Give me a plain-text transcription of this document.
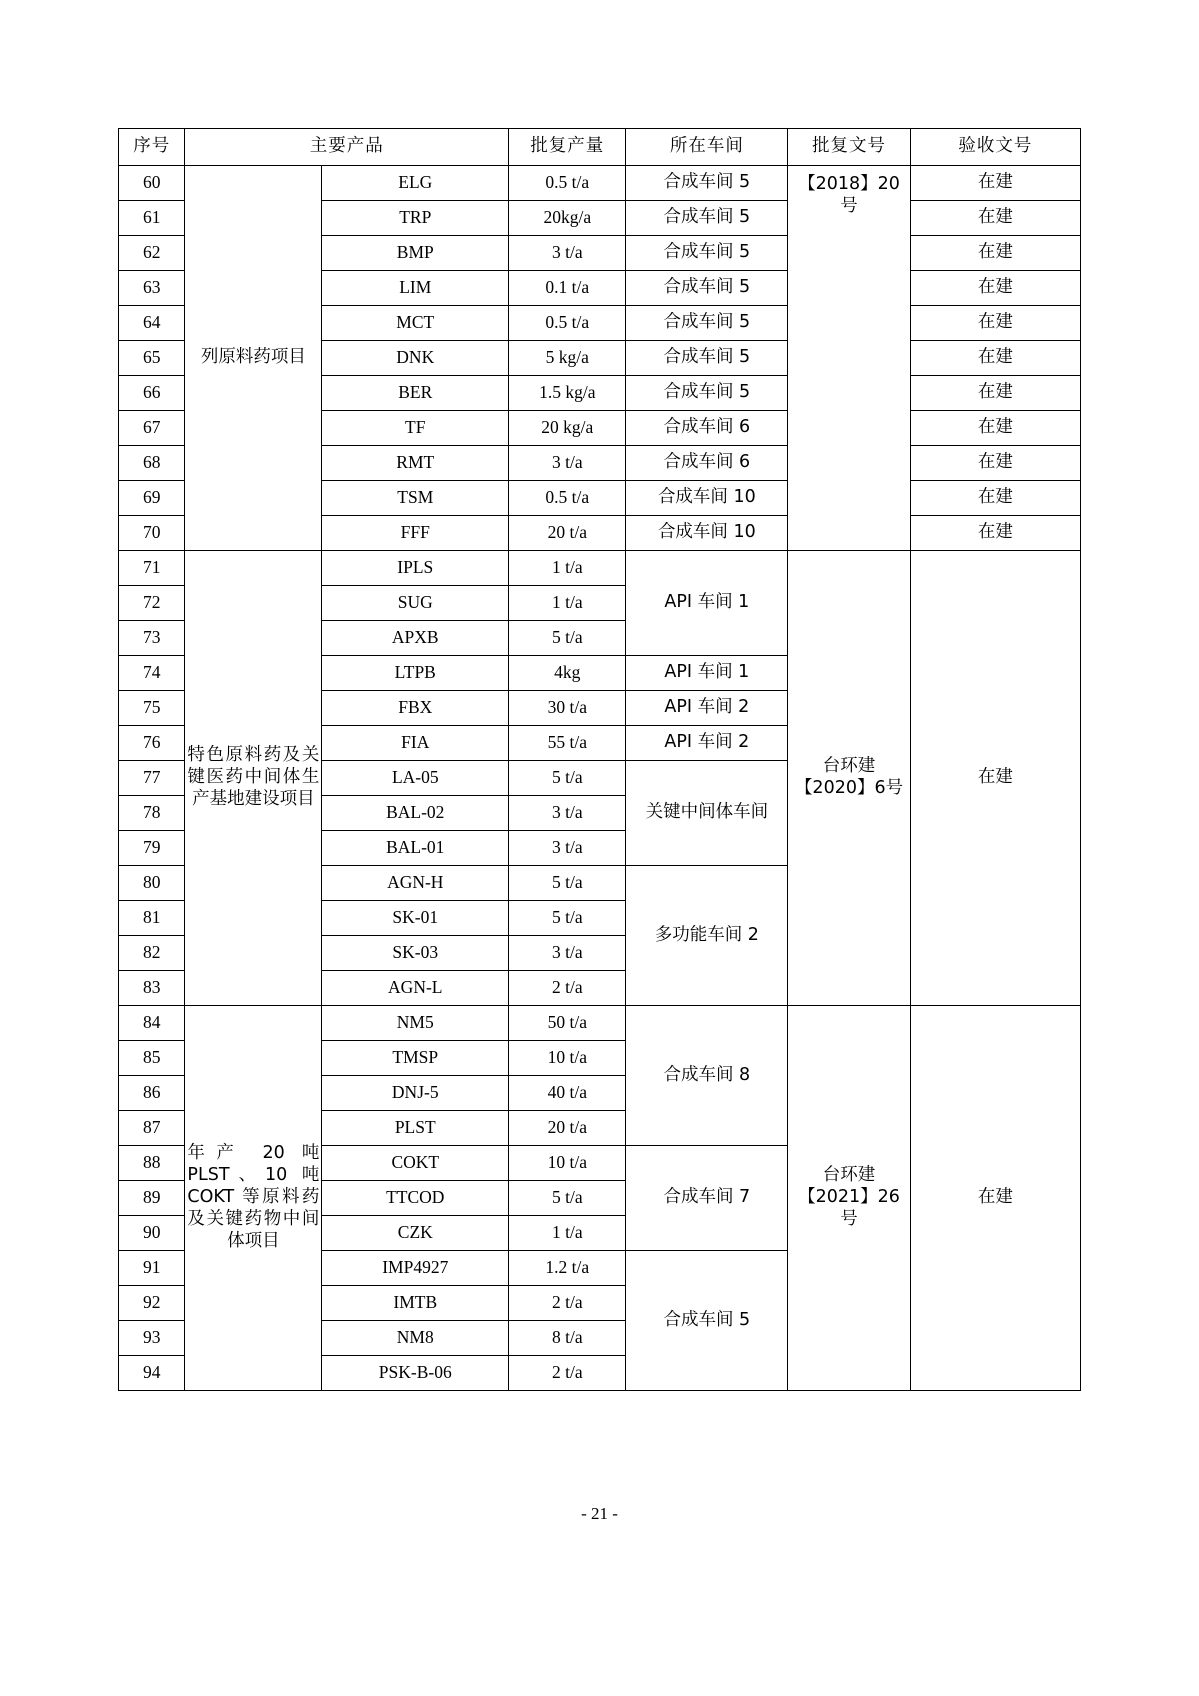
序号	主要产品		批复产量	所在车间	批复文号	验收文号
60	列原料药项目	ELG	0.5 t/a	合成车间 5	【2018】20号	在建
61		TRP	20kg/a	合成车间 5		在建
62		BMP	3 t/a	合成车间 5		在建
63		LIM	0.1 t/a	合成车间 5		在建
64		MCT	0.5 t/a	合成车间 5		在建
65		DNK	5 kg/a	合成车间 5		在建
66		BER	1.5 kg/a	合成车间 5		在建
67		TF	20 kg/a	合成车间 6		在建
68		RMT	3 t/a	合成车间 6		在建
69		TSM	0.5 t/a	合成车间 10		在建
70		FFF	20 t/a	合成车间 10		在建
71	特色原料药及关键医药中间体生产基地建设项目	IPLS	1 t/a	API 车间 1	台环建【2020】6号	在建
72		SUG	1 t/a			
73		APXB	5 t/a			
74		LTPB	4kg	API 车间 1		
75		FBX	30 t/a	API 车间 2		
76		FIA	55 t/a	API 车间 2		
77		LA-05	5 t/a	关键中间体车间		
78		BAL-02	3 t/a			
79		BAL-01	3 t/a			
80		AGN-H	5 t/a	多功能车间 2		
81		SK-01	5 t/a			
82		SK-03	3 t/a			
83		AGN-L	2 t/a			
84	年产 20 吨 PLST、10 吨 COKT 等原料药及关键药物中间体项目	NM5	50 t/a	合成车间 8	台环建【2021】26号	在建
85		TMSP	10 t/a			
86		DNJ-5	40 t/a			
87		PLST	20 t/a			
88		COKT	10 t/a	合成车间 7		
89		TTCOD	5 t/a			
90		CZK	1 t/a			
91		IMP4927	1.2 t/a	合成车间 5		
92		IMTB	2 t/a			
93		NM8	8 t/a			
94		PSK-B-06	2 t/a			
- 21 -
